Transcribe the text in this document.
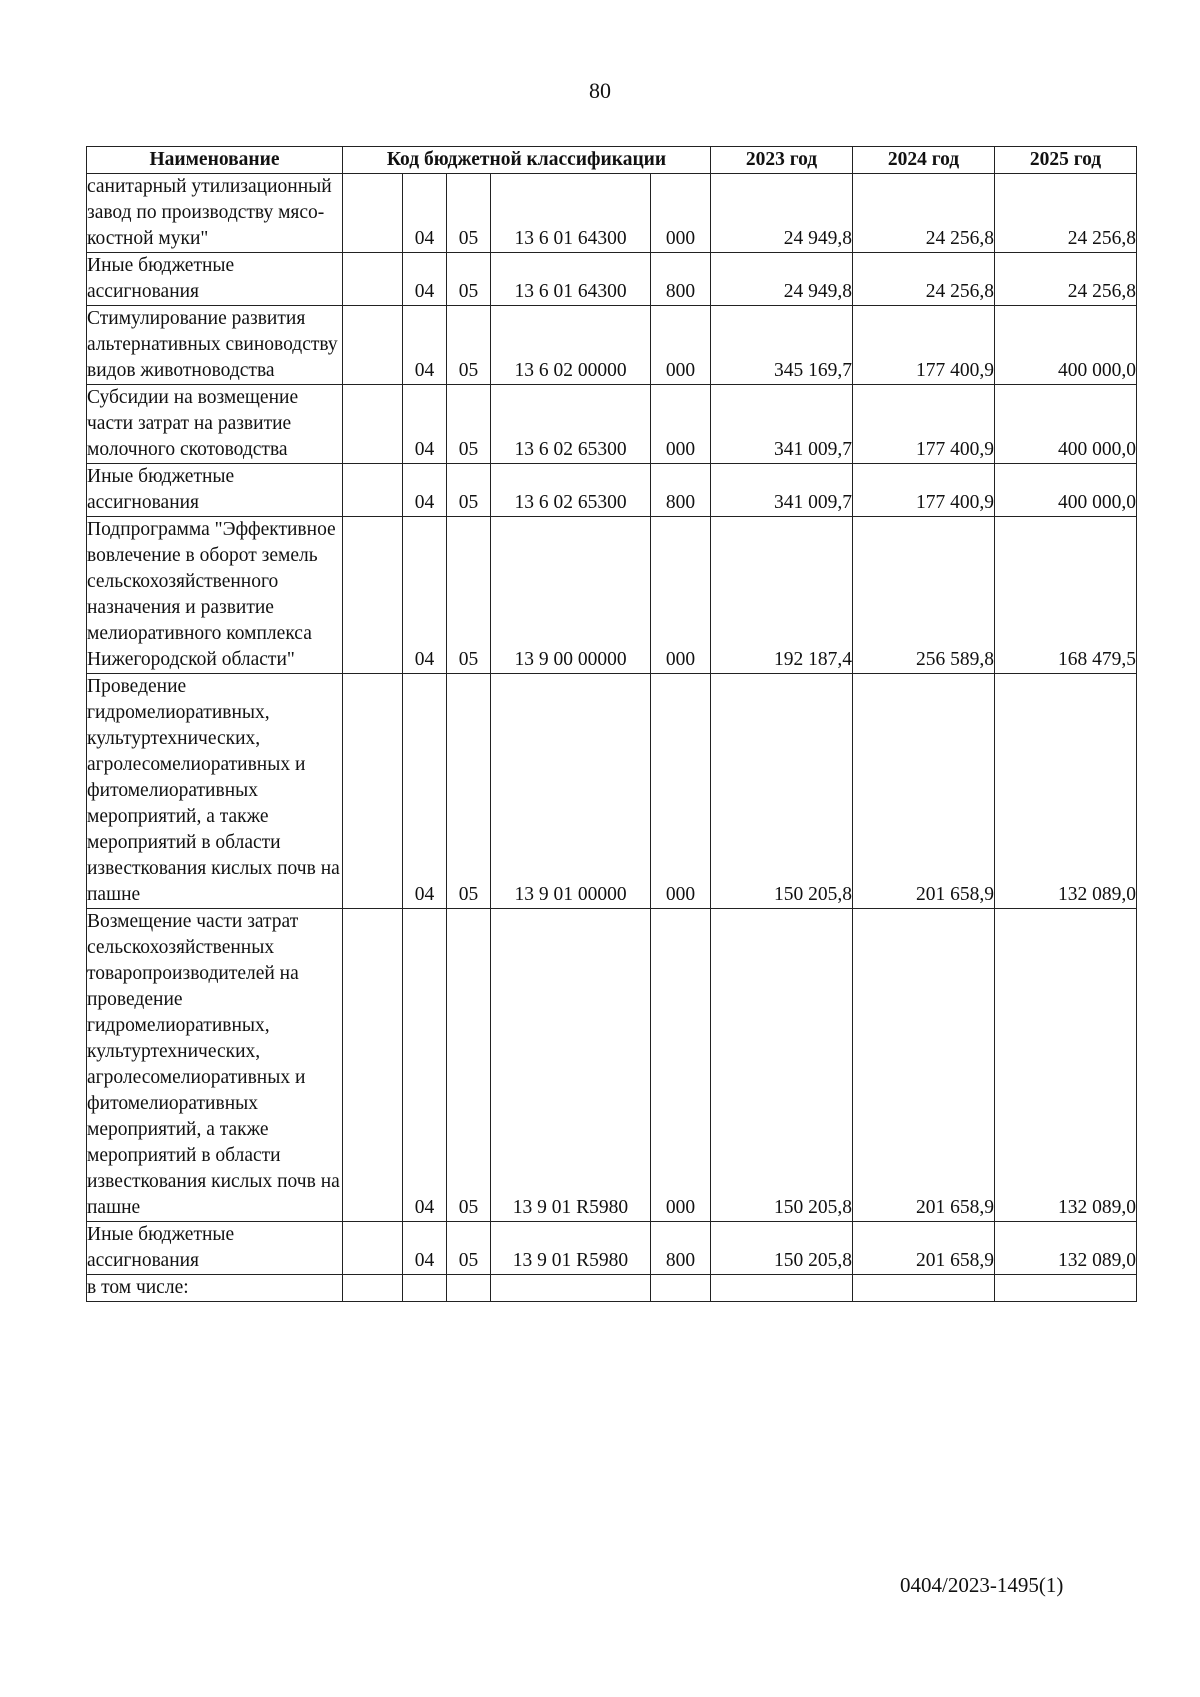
80
Наименование	Код бюджетной классификации					2023 год	2024 год	2025 год
санитарный утилизационный завод по производству мясо-костной муки"		04	05	13 6 01 64300	000	24 949,8	24 256,8	24 256,8
Иные бюджетные ассигнования		04	05	13 6 01 64300	800	24 949,8	24 256,8	24 256,8
Стимулирование развития альтернативных свиноводству видов животноводства		04	05	13 6 02 00000	000	345 169,7	177 400,9	400 000,0
Субсидии на возмещение части затрат на развитие молочного скотоводства		04	05	13 6 02 65300	000	341 009,7	177 400,9	400 000,0
Иные бюджетные ассигнования		04	05	13 6 02 65300	800	341 009,7	177 400,9	400 000,0
Подпрограмма "Эффективное вовлечение в оборот земель сельскохозяйственного назначения и развитие мелиоративного комплекса Нижегородской области"		04	05	13 9 00 00000	000	192 187,4	256 589,8	168 479,5
Проведение гидромелиоративных, культуртехнических, агролесомелиоративных и фитомелиоративных мероприятий, а также мероприятий в области известкования кислых почв на пашне		04	05	13 9 01 00000	000	150 205,8	201 658,9	132 089,0
Возмещение части затрат сельскохозяйственных товаропроизводителей на проведение гидромелиоративных, культуртехнических, агролесомелиоративных и фитомелиоративных мероприятий, а также мероприятий в области известкования кислых почв на пашне		04	05	13 9 01 R5980	000	150 205,8	201 658,9	132 089,0
Иные бюджетные ассигнования		04	05	13 9 01 R5980	800	150 205,8	201 658,9	132 089,0
в том числе:								
0404/2023-1495(1)
